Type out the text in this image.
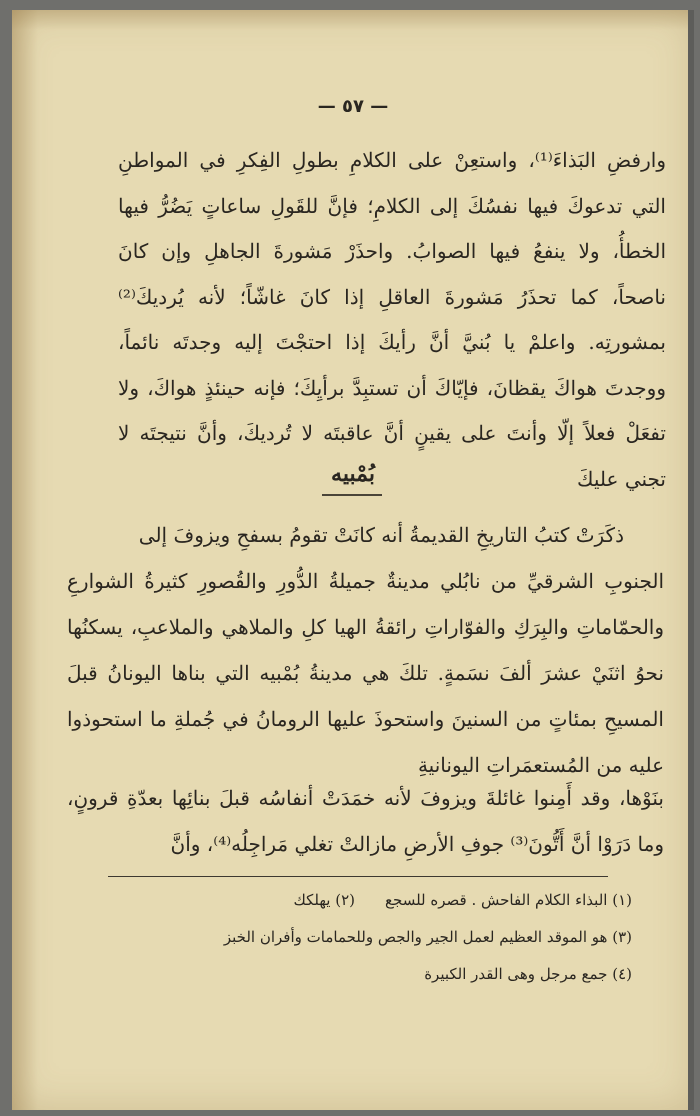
— ٥٧ —
وارفضِ البَذاءَ⁽¹⁾، واستعِنْ على الكلامِ بطولِ الفِكرِ في المواطنِ التي تدعوكَ فيها نفسُكَ إلى الكلامِ؛ فإنَّ للقَولِ ساعاتٍ يَضُرُّ فيها الخطأُ، ولا ينفعُ فيها الصوابُ. واحذَرْ مَشورةَ الجاهلِ وإن كانَ ناصحاً، كما تحذَرُ مَشورةَ العاقلِ إذا كانَ غاشّاً؛ لأنه يُرديكَ⁽²⁾ بمشورتِه. واعلمْ يا بُنيَّ أنَّ رأيكَ إذا احتجْتَ إليه وجدتَه نائماً، ووجدتَ هواكَ يقظانَ، فإيّاكَ أن تستبِدَّ برأيِكَ؛ فإنه حينئذٍ هواكَ، ولا تفعَلْ فعلاً إلّا وأنتَ على يقينٍ أنَّ عاقبتَه لا تُرديكَ، وأنَّ نتيجتَه لا تجني عليكَ
بُمْبيه
ذكَرَتْ كتبُ التاريخِ القديمةُ أنه كانَتْ تقومُ بسفحِ ويزوفَ إلى
الجنوبِ الشرقيِّ من نابُلي مدينةٌ جميلةُ الدُّورِ والقُصورِ كثيرةُ الشوارعِ والحمّاماتِ والبِرَكِ والفوّاراتِ رائقةُ الهيا كلِ والملاهي والملاعبِ، يسكنُها نحوُ اثنَيْ عشرَ ألفَ نسَمةٍ. تلكَ هي مدينةُ بُمْبيه التي بناها اليونانُ قبلَ المسيحِ بمئاتٍ من السنينَ واستحوذَ عليها الرومانُ في جُملةِ ما استحوذوا عليه من المُستعمَراتِ اليونانيةِ
بنَوْها، وقد أَمِنوا غائلةَ ويزوفَ لأنه خمَدَتْ أنفاسُه قبلَ بنائِها بعدّةِ قرونٍ، وما دَرَوْا أنَّ أَتُّونَ⁽³⁾ جوفِ الأرضِ مازالتْ تغلي مَراجِلُه⁽⁴⁾، وأنَّ
(١) البذاء الكلام الفاحش . قصره للسجع(٢) يهلكك
(٣) هو الموقد العظيم لعمل الجير والجص وللحمامات وأفران الخبز
(٤) جمع مرجل وهى القدر الكبيرة
